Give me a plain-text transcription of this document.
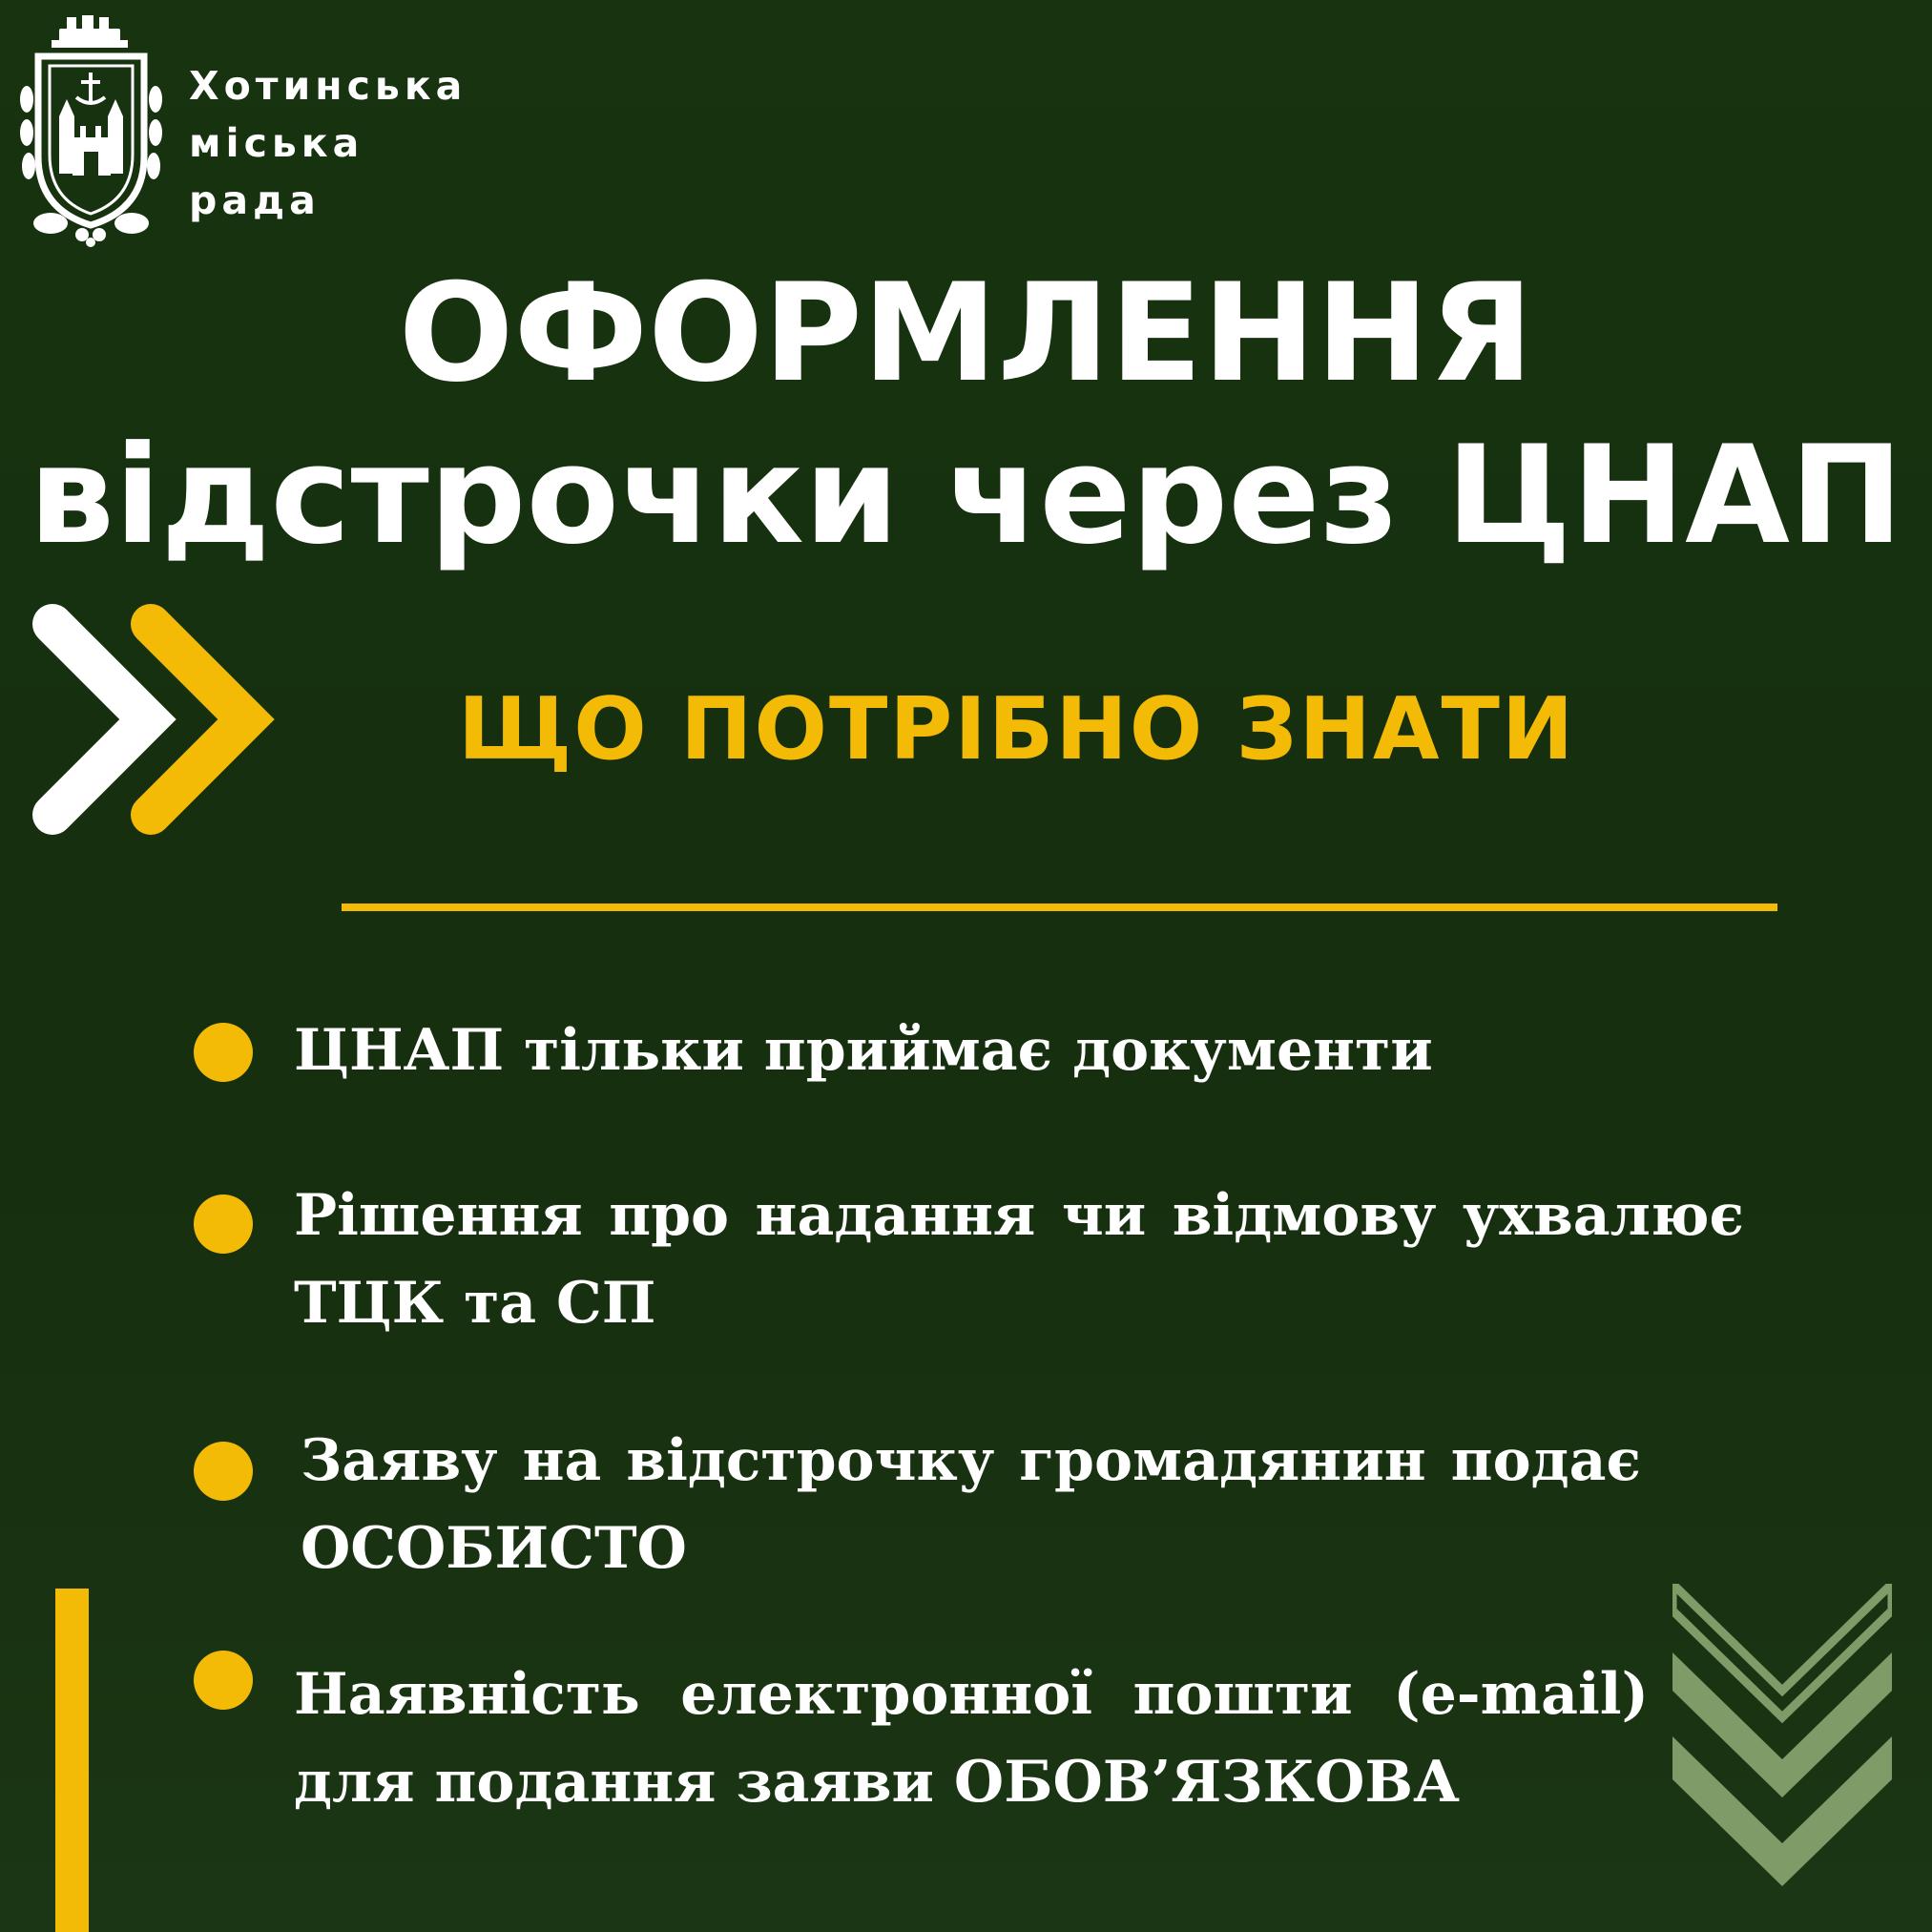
Хотинська
міська
рада
ОФОРМЛЕННЯ
відстрочки через ЦНАП
ЩО ПОТРІБНО ЗНАТИ
ЦНАП тільки приймає документи
Рішення про надання чи відмову ухвалює ТЦК та СП
Заяву на відстрочку громадянин подає ОСОБИСТО
Наявність електронної пошти (e-mail) для подання заяви ОБОВ’ЯЗКОВА
